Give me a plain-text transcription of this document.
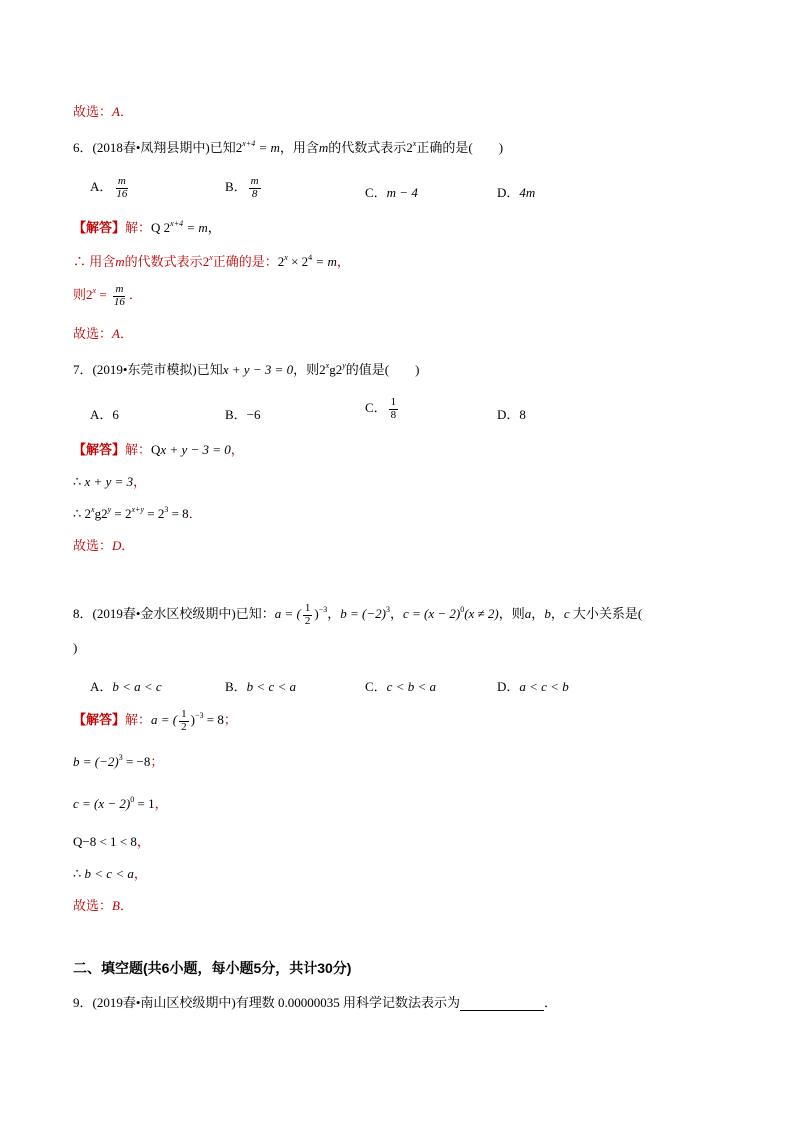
故选：A．
6．(2018春•凤翔县期中)已知$2^{x+4} = m$，用含m的代数式表示2$^x$正确的是(　　)
A． $\frac{m}{16}$	B． $\frac{m}{8}$	C．m − 4	D．4m
【解答】解：Q $2^{x+4} = m$，
∴ 用含m的代数式表示2$^x$正确的是：$2^x \times 2^4 = m$，
则$2^x = \frac{m}{16}$ ．
故选：A．
7．(2019•东莞市模拟)已知x + y − 3 = 0，则2$^x$g2$^y$的值是(　　)
A．6	B．−6	C． $\frac{1}{8}$	D．8
【解答】解：Qx + y − 3 = 0，
∴ x + y = 3，
∴ $2^xg2^y = 2^{x+y} = 2^3 = 8$．
故选：D．
8．(2019春•金水区校级期中)已知：a = ( $\frac{1}{2} )^{-3}$，$b = (-2)^3$，$c = (x - 2)^0(x \ne 2)$，则a，b，c 大小关系是(
)
A．b < a < c	B．b < c < a	C．c < b < a	D．a < c < b
【解答】解：a = ( $\frac{1}{2} )^{-3} = 8$；
$b = (-2)^3 = -8$；
$c = (x - 2)^0 = 1$，
Q−8 < 1 < 8，
∴ b < c < a，
故选：B．
二、填空题(共6小题，每小题5分，共计30分)
9．(2019春•南山区校级期中)有理数 0.00000035 用科学记数法表示为	．
